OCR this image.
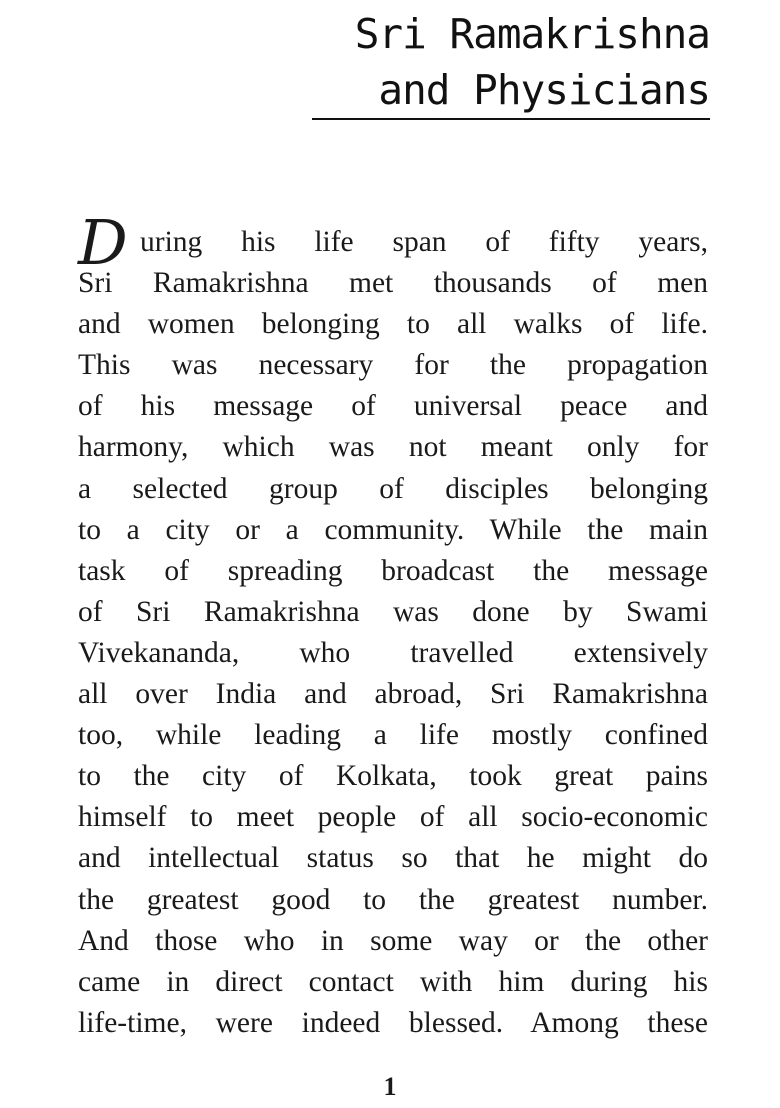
Sri Ramakrishna
and Physicians
D uring his life span of fifty years,
Sri Ramakrishna met thousands of men
and women belonging to all walks of life.
This was necessary for the propagation
of his message of universal peace and
harmony, which was not meant only for
a selected group of disciples belonging
to a city or a community. While the main
task of spreading broadcast the message
of Sri Ramakrishna was done by Swami
Vivekananda, who travelled extensively
all over India and abroad, Sri Ramakrishna
too, while leading a life mostly confined
to the city of Kolkata, took great pains
himself to meet people of all socio-economic
and intellectual status so that he might do
the greatest good to the greatest number.
And those who in some way or the other
came in direct contact with him during his
life-time, were indeed blessed. Among these
1
